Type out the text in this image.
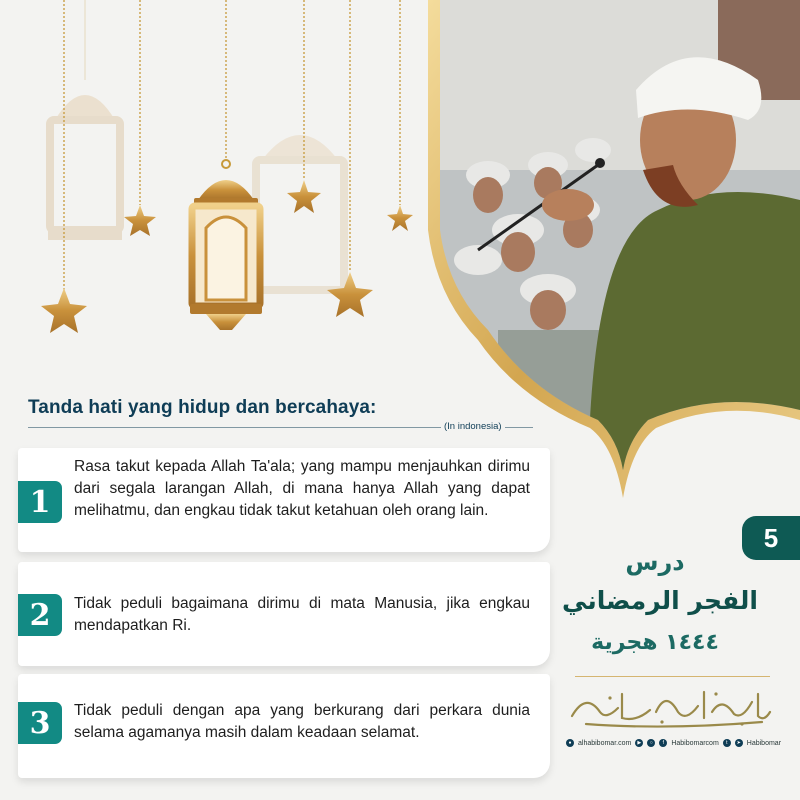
Tanda hati yang hidup dan bercahaya:
(In indonesia)
1
Rasa takut kepada Allah Ta'ala; yang mampu menjauhkan dirimu dari segala larangan Allah, di mana hanya Allah yang dapat melihatmu, dan engkau tidak takut ketahuan oleh orang lain.
2	Tidak peduli bagaimana dirimu di mata Manusia, jika engkau mendapatkan Ri.
3	Tidak peduli dengan apa yang berkurang dari perkara dunia selama agamanya masih dalam keadaan selamat.
5
درس
الفجر الرمضاني
١٤٤٤ هجرية
● alhabibomar.com	▶	○	f	Habibomarcom	t	➤ Habibomar
